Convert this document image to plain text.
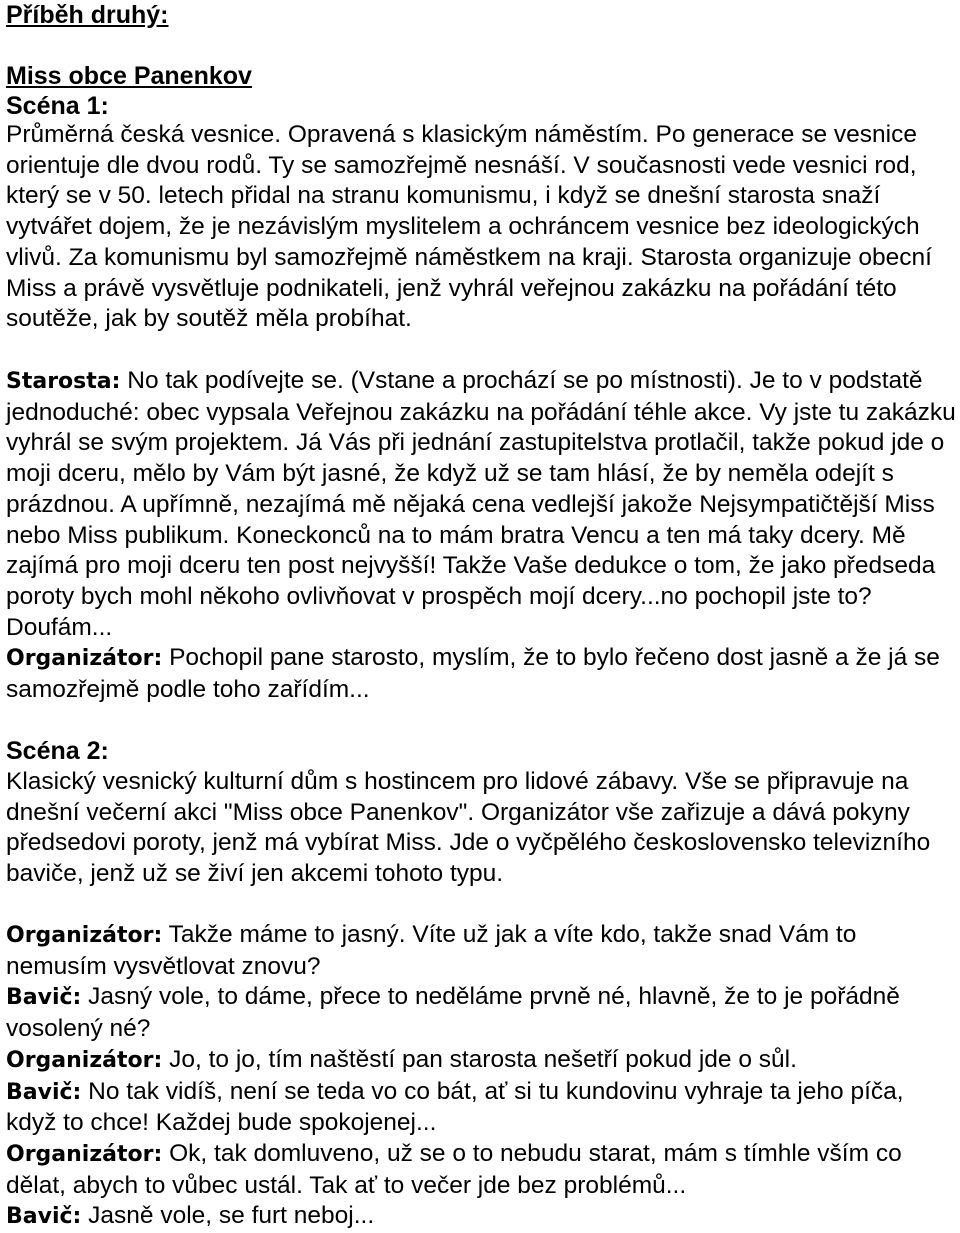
Příběh druhý:
Miss obce Panenkov
Scéna 1:

Průměrná česká vesnice. Opravená s klasickým náměstím. Po generace se vesnice orientuje dle dvou rodů. Ty se samozřejmě nesnáší. V současnosti vede vesnici rod, který se v 50. letech přidal na stranu komunismu, i když se dnešní starosta snaží vytvářet dojem, že je nezávislým myslitelem a ochráncem vesnice bez ideologických vlivů. Za komunismu byl samozřejmě náměstkem na kraji. Starosta organizuje obecní Miss a právě vysvětluje podnikateli, jenž vyhrál veřejnou zakázku na pořádání této soutěže, jak by soutěž měla probíhat.

Starosta: No tak podívejte se. (Vstane a prochází se po místnosti). Je to v podstatě jednoduché: obec vypsala Veřejnou zakázku na pořádání téhle akce. Vy jste tu zakázku vyhrál se svým projektem. Já Vás při jednání zastupitelstva protlačil, takže pokud jde o moji dceru, mělo by Vám být jasné, že když už se tam hlásí, že by neměla odejít s prázdnou. A upřímně, nezajímá mě nějaká cena vedlejší jakože Nejsympatičtější Miss nebo Miss publikum. Koneckonců na to mám bratra Vencu a ten má taky dcery. Mě zajímá pro moji dceru ten post nejvyšší! Takže Vaše dedukce o tom, že jako předseda poroty bych mohl někoho ovlivňovat v prospěch mojí dcery...no pochopil jste to? Doufám...

Organizátor: Pochopil pane starosto, myslím, že to bylo řečeno dost jasně a že já se samozřejmě podle toho zařídím...

Scéna 2:

Klasický vesnický kulturní dům s hostincem pro lidové zábavy. Vše se připravuje na dnešní večerní akci "Miss obce Panenkov". Organizátor vše zařizuje a dává pokyny předsedovi poroty, jenž má vybírat Miss. Jde o vyčpělého československo televizního baviče, jenž už se živí jen akcemi tohoto typu.

Organizátor: Takže máme to jasný. Víte už jak a víte kdo, takže snad Vám to nemusím vysvětlovat znovu?

Bavič: Jasný vole, to dáme, přece to neděláme prvně né, hlavně, že to je pořádně vosolený né?

Organizátor: Jo, to jo, tím naštěstí pan starosta nešetří pokud jde o sůl.

Bavič: No tak vidíš, není se teda vo co bát, ať si tu kundovinu vyhraje ta jeho píča, když to chce! Každej bude spokojenej...

Organizátor: Ok, tak domluveno, už se o to nebudu starat, mám s tímhle vším co dělat, abych to vůbec ustál. Tak ať to večer jde bez problémů...

Bavič: Jasně vole, se furt neboj...
